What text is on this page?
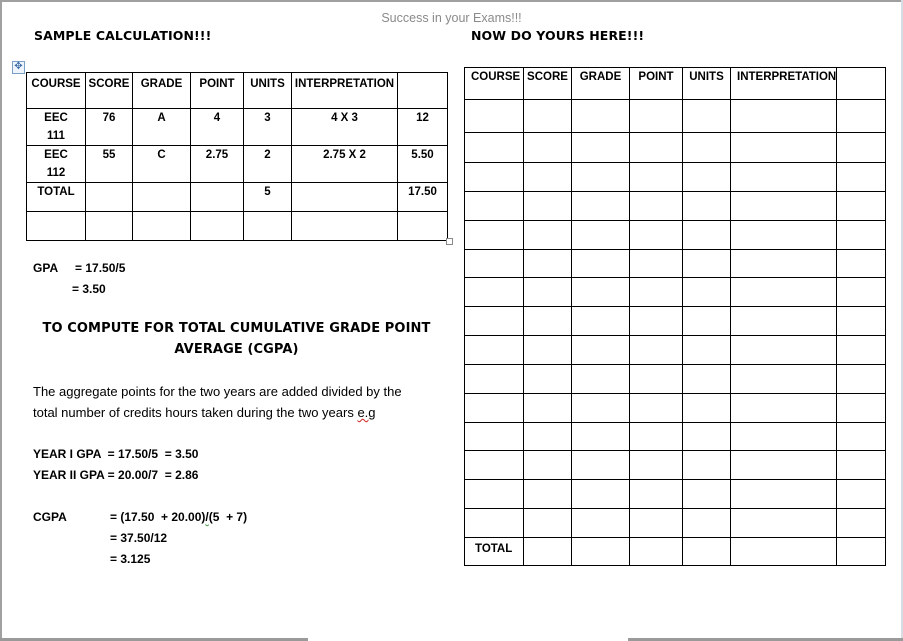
Success in your Exams!!!
SAMPLE CALCULATION!!!	NOW DO YOURS HERE!!!
✥
COURSE	SCORE	GRADE	POINT	UNITS	INTERPRETATION	

EEC
111	76	A	4	3	4 X 3	12

EEC
112	55	C	2.75	2	2.75 X 2	5.50
TOTAL				5		17.50

GPA = 17.50/5
= 3.50
TO COMPUTE FOR TOTAL CUMULATIVE GRADE POINT
AVERAGE (CGPA)
The aggregate points for the two years are added divided by the
total number of credits hours taken during the two years e.g
YEAR I GPA  = 17.50/5  = 3.50
YEAR II GPA = 20.00/7  = 2.86
CGPA	= (17.50  + 20.00)/(5  + 7)
= 37.50/12
= 3.125
COURSE	SCORE	GRADE	POINT	UNITS	INTERPRETATION	

TOTAL						
